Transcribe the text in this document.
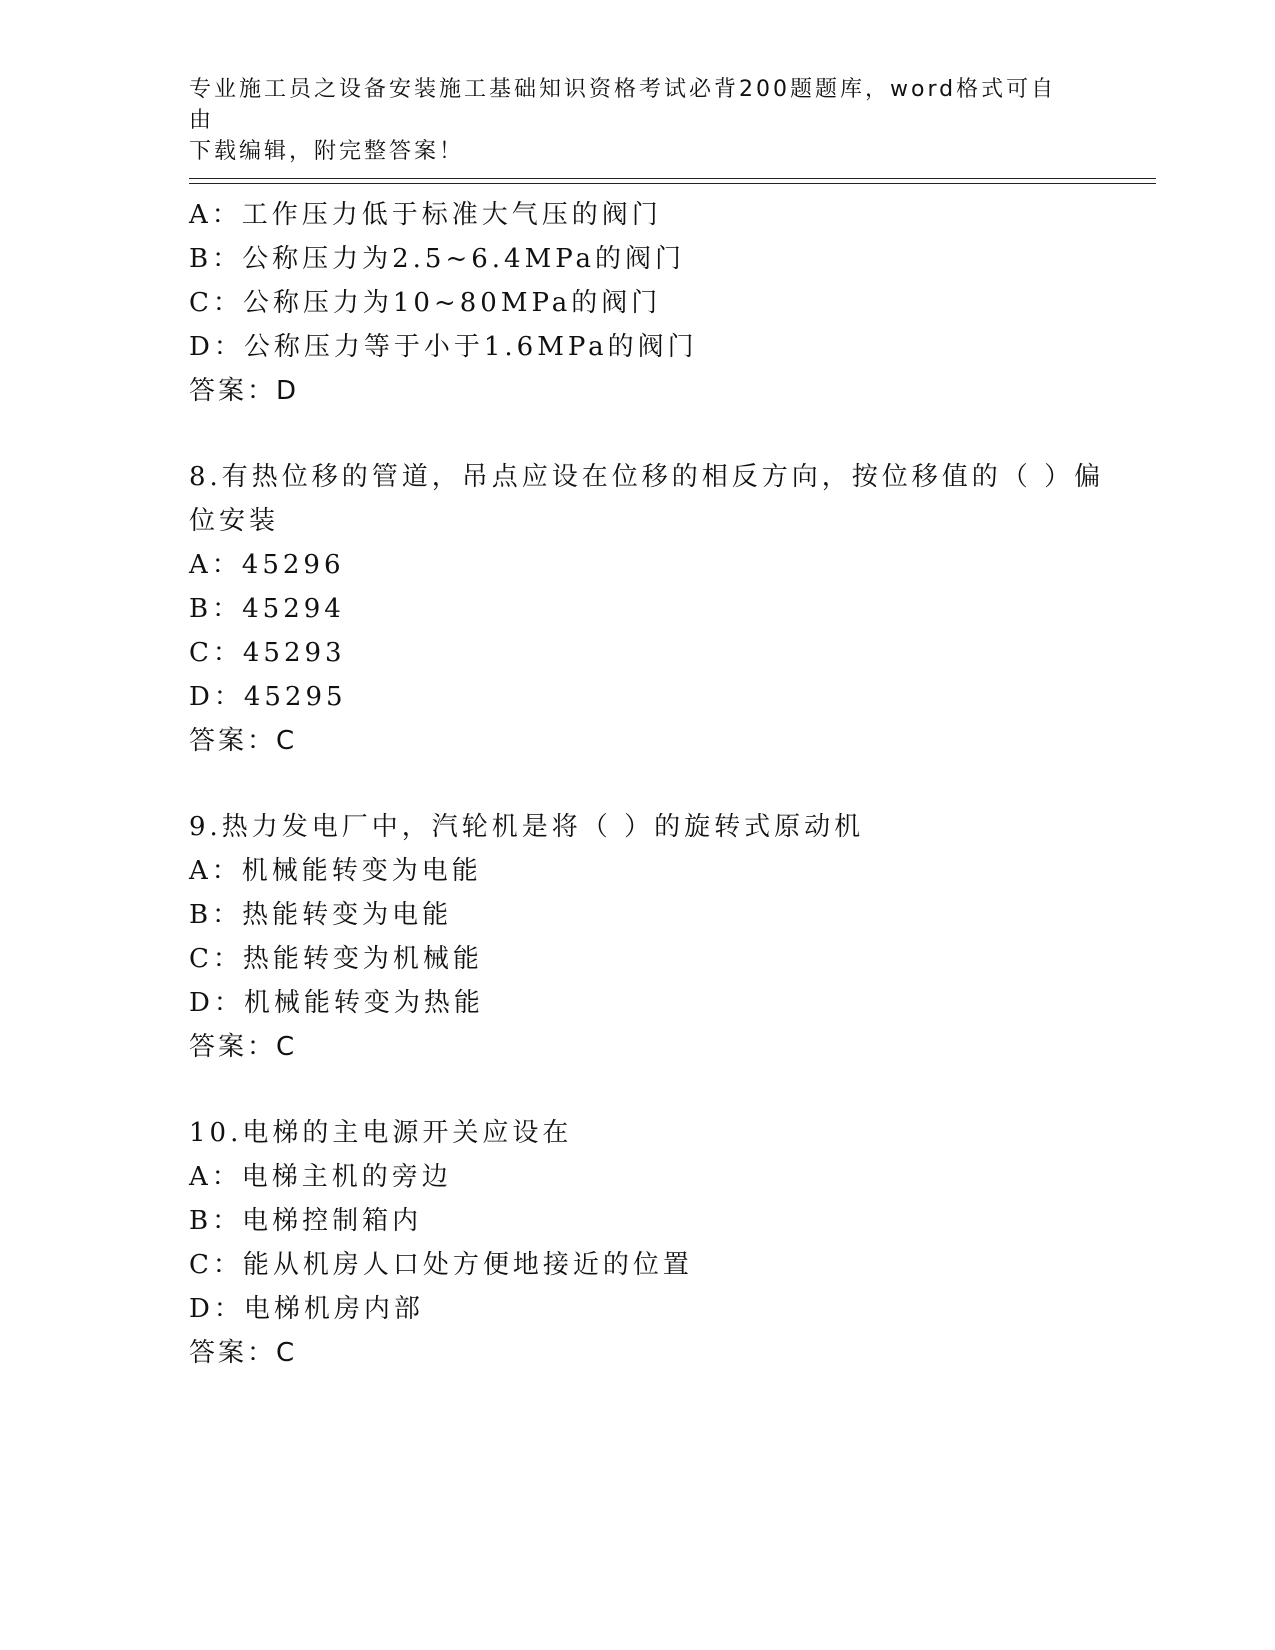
专业施工员之设备安装施工基础知识资格考试必背200题题库，word格式可自由
下载编辑，附完整答案！
A：工作压力低于标准大气压的阀门
B：公称压力为2.5~6.4MPa的阀门
C：公称压力为10~80MPa的阀门
D：公称压力等于小于1.6MPa的阀门
答案：D
8.有热位移的管道，吊点应设在位移的相反方向，按位移值的（ ）偏
位安装
A：45296
B：45294
C：45293
D：45295
答案：C
9.热力发电厂中，汽轮机是将（ ）的旋转式原动机
A：机械能转变为电能
B：热能转变为电能
C：热能转变为机械能
D：机械能转变为热能
答案：C
10.电梯的主电源开关应设在
A：电梯主机的旁边
B：电梯控制箱内
C：能从机房人口处方便地接近的位置
D：电梯机房内部
答案：C
